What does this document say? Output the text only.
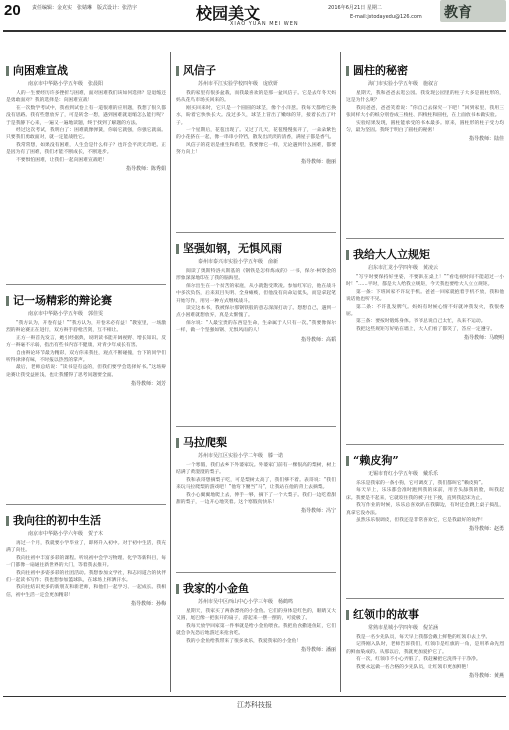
20 责任编辑：金克实　张婧琳　版式设计：张浩宇	校园美文
XIAO YUAN MEI WEN
2016年6月21日 星期二
E-mail:jstodayedu@126.com 教育
向困难宣战
南京市中华路小学五年级　张晨阳

人的一生要经历许多挫折与困难，面对困难我们该如何选择？是退缩还是勇敢面对？我的选择是：向困难宣战！

在一次数学考试中，我看到试卷上有一道很难的应用题，我想了很久都没有思路。我有些想放弃了，可是转念一想，遇到困难就退缩怎么能行呢？于是我静下心来，一遍又一遍地读题，终于找到了解题的方法。

经过这次考试，我明白了：困难就像弹簧，你弱它就强，你强它就弱。只要我们勇敢面对，就一定能战胜它。

我常常想，如果没有困难，人生会是什么样子？也许会平淡无奇吧。正是因为有了困难，我们才能不断成长，不断进步。

不要惧怕困难，让我们一起向困难宣战吧！

指导教师：陈秀娟
记一场精彩的辩论赛
南京市中华路小学五年级　郭佳雯

“我方认为，开卷有益！”“我方认为，开卷未必有益！”教室里，一场激烈的辩论赛正在进行，双方辩手唇枪舌剑，互不相让。

正方一辩首先发言，她引经据典，说明读书能开阔视野、增长知识。反方一辩毫不示弱，指出有些书内容不健康，对青少年成长有害。

自由辩论环节最为精彩，双方你来我往，观点不断碰撞，台下的同学们听得津津有味，不时报以热烈的掌声。

最后，老师总结说：“读书是有益的，但我们要学会选择好书。”这场辩论赛让我受益匪浅，也让我懂得了思考问题要全面。

指导教师：刘芳
我向往的初中生活
南京市中华路小学六年级　贺子木

再过一个月，我就要小学毕业了，即将升入初中。对于初中生活，我充满了向往。

我向往初中丰富多彩的课程。听说初中会学习物理、化学等新科目，每一门都像一扇通往新世界的大门，等着我去推开。

我向往初中多姿多彩的社团活动。我想参加文学社，和志同道合的伙伴们一起读书写作；我也想参加篮球队，在球场上挥洒汗水。

我向往结识更多的新朋友和新老师，和他们一起学习、一起成长。我相信，初中生活一定会更加精彩！

指导教师：孙梅
风信子
苏州市平江实验学校四年级　庞欣妍

我的家里有很多盆栽，而我最喜欢的是那一盆风信子。它是去年冬天妈妈从花鸟市场买回来的。

刚买回来时，它只是一个圆圆的球茎，像个小洋葱。我每天都给它换水，盼着它快快长大。没过多久，球茎上冒出了嫩绿的芽，接着长出了叶子。

一个星期后，花苞出现了。又过了几天，花苞慢慢张开了，一朵朵紫色的小花挤在一起，像一串串小铃铛，散发出淡淡的清香，满屋子都是香气。

风信子的花语是重生和希望，我要像它一样，无论遇到什么困难，都要努力向上！

指导教师：施丽
坚强如钢，无惧风雨
泰州市泰兴市实验小学五年级　俞新

阅读了奥斯特洛夫斯基的《钢铁是怎样炼成的》一书，保尔·柯察金的形象深深地印在了我的脑海里。

保尔出生在一个贫苦的家庭，从小就饱受欺凌。参加红军后，他在战斗中多次负伤，后来双目失明、全身瘫痪，但他没有向命运低头，而是拿起笔开始写作，用另一种方式继续战斗。

读完这本书，我被保尔那钢铁般的意志深深打动了。想想自己，遇到一点小困难就想放弃，真是太惭愧了。

保尔说：“人最宝贵的东西是生命，生命属于人只有一次。”我要像保尔一样，做一个坚强如钢、无惧风雨的人！

指导教师：高韬
马拉爬梨
苏州市吴江区实验小学二年级　滕一诺

一个寒假，我们去乡下外婆家玩。外婆家门前有一棵很高的梨树，树上结满了黄澄澄的梨子。

我和表哥想摘梨子吃，可是梨树太高了，我们够不着。表哥说：“我们来玩马拉爬梨的游戏吧！”他弯下腰当“马”，让我站在他的背上去摘梨。

我小心翼翼地爬上去，伸手一够，摘下了一个大梨子。我们一边吃着甜甜的梨子，一边开心地笑着。这个寒假真快乐！

指导教师：冯宁
我家的小金鱼
苏州市吴中区西山中心小学三年级　杨鹤鸣

星期天，我家买了两条漂亮的小金鱼。它们的身体是红色的，眼睛又大又圆，尾巴像一把张开的扇子，游起来一摆一摆的，可爱极了。

我每天放学回家第一件事就是给小金鱼喂食。我把鱼食撒进鱼缸，它们就会争先恐后地游过来抢食吃。

我的小金鱼给我带来了很多欢乐，我爱我家的小金鱼！

指导教师：潘丽
圆柱的秘密
海门市实验小学五年级　施叙言

星期天，我和爸爸去逛公园。我发现公园里的柱子大多是圆柱形的，这是为什么呢？

我问爸爸，爸爸笑着说：“你自己去探究一下吧！”回到家里，我用三张同样大小的纸分别卷成三棱柱、四棱柱和圆柱，在上面放书本做实验。

实验结果发现，圆柱能承受的书本最多。原来，圆柱形的柱子受力均匀，最为坚固。我终于明白了圆柱的秘密！

指导教师：陆佳
我给大人立规矩
启东市汇龙小学四年级　黄凌云

“写字时要保持好坐姿，不要趴在桌上！”“看电视时间不能超过一小时！”……平时，都是大人给我立规矩，今天我也要给大人立立规矩。

第一条：下班回家不许玩手机。爸爸一回家就抱着手机不放，我和他说话他也听不见。

第二条：不许乱发脾气。妈妈有时候心情不好就冲我发火，我很委屈。

第三条：要按时锻炼身体。爷爷总说自己太忙，从来不运动。

我把这些规矩写好贴在墙上，大人们看了都笑了，答应一定遵守。

指导教师：马晓明
“赖皮狗”
无锡市育红小学五年级　戴乐乐

乐乐是我家的一条小狗，它可调皮了，我们都叫它“赖皮狗”。

每天早上，乐乐都会准时跑到我的床前，用舌头舔我的脸，叫我起床。我要是不起来，它就咬住我的被子往下拽，直到我起床为止。

我写作业的时候，乐乐总喜欢趴在我脚边，有时还会跳上桌子捣乱，真拿它没办法。

虽然乐乐很调皮，但我还是非常喜欢它，它是我最好的伙伴！

指导教师：赵勇
红领巾的故事
常熟市星城小学四年级　倪芷涵

我是一名少先队员，每天早上我都会戴上鲜艳的红领巾去上学。

记得刚入队时，老师告诉我们，红领巾是红旗的一角，是用革命先烈的鲜血染成的。从那以后，我就更加爱护它了。

有一次，红领巾不小心弄脏了，我赶紧把它洗得干干净净。

我要永远做一名合格的少先队员，让红领巾更加鲜艳！

指导教师：黄燕
江苏科技报
